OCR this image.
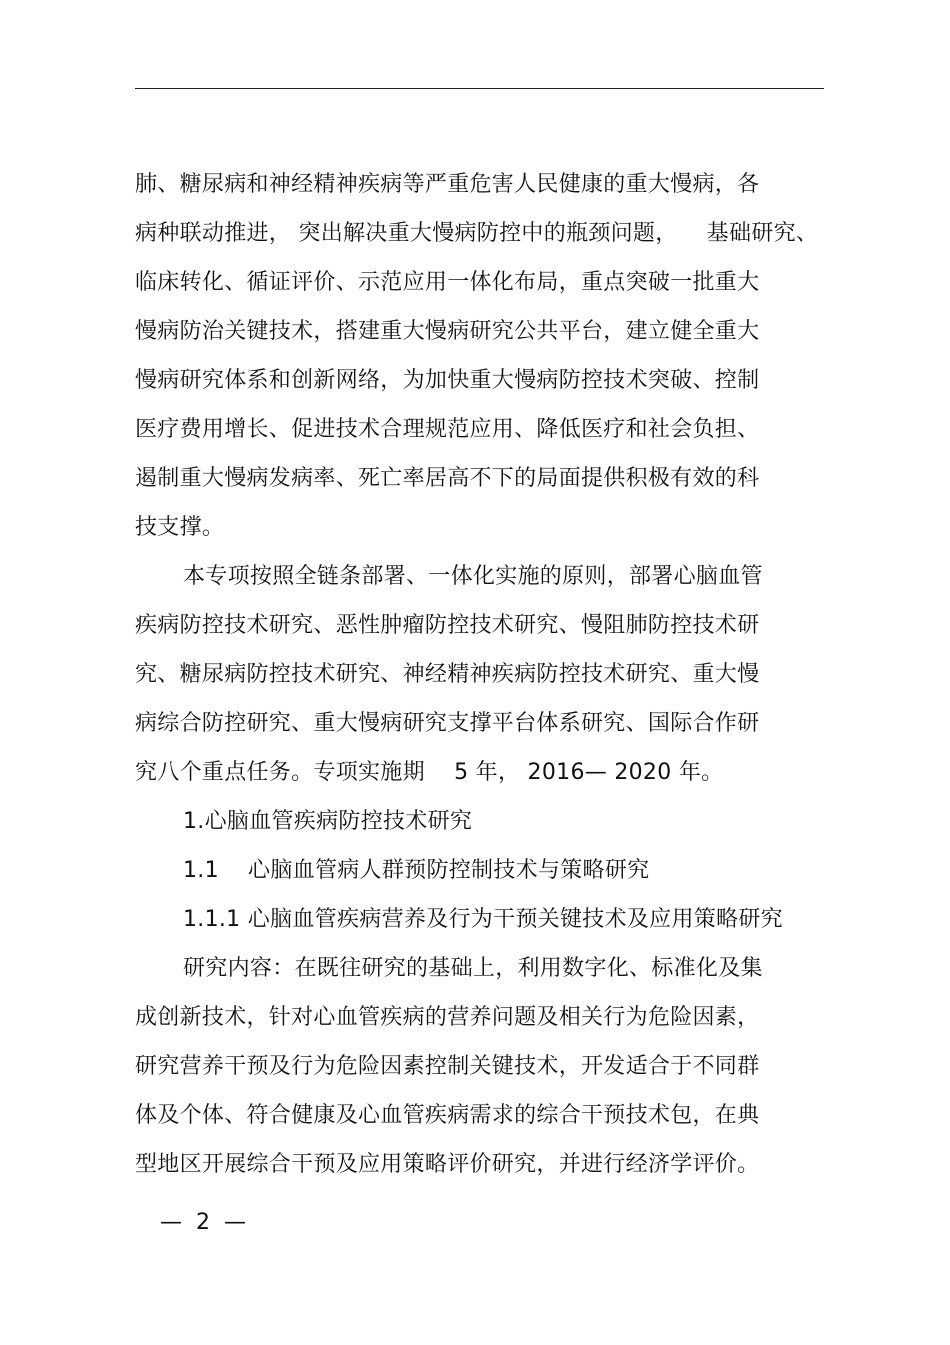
肺、糖尿病和神经精神疾病等严重危害人民健康的重大慢病，各
病种联动推进， 突出解决重大慢病防控中的瓶颈问题，    基础研究、
临床转化、循证评价、示范应用一体化布局，重点突破一批重大
慢病防治关键技术，搭建重大慢病研究公共平台，建立健全重大
慢病研究体系和创新网络，为加快重大慢病防控技术突破、控制
医疗费用增长、促进技术合理规范应用、降低医疗和社会负担、
遏制重大慢病发病率、死亡率居高不下的局面提供积极有效的科
技支撑。
本专项按照全链条部署、一体化实施的原则，部署心脑血管
疾病防控技术研究、恶性肿瘤防控技术研究、慢阻肺防控技术研
究、糖尿病防控技术研究、神经精神疾病防控技术研究、重大慢
病综合防控研究、重大慢病研究支撑平台体系研究、国际合作研
究八个重点任务。专项实施期    5 年， 2016— 2020 年。
1.心脑血管疾病防控技术研究
1.1    心脑血管病人群预防控制技术与策略研究
1.1.1 心脑血管疾病营养及行为干预关键技术及应用策略研究
研究内容：在既往研究的基础上，利用数字化、标准化及集
成创新技术，针对心血管疾病的营养问题及相关行为危险因素，
研究营养干预及行为危险因素控制关键技术，开发适合于不同群
体及个体、符合健康及心血管疾病需求的综合干预技术包，在典
型地区开展综合干预及应用策略评价研究，并进行经济学评价。
—  2  —
